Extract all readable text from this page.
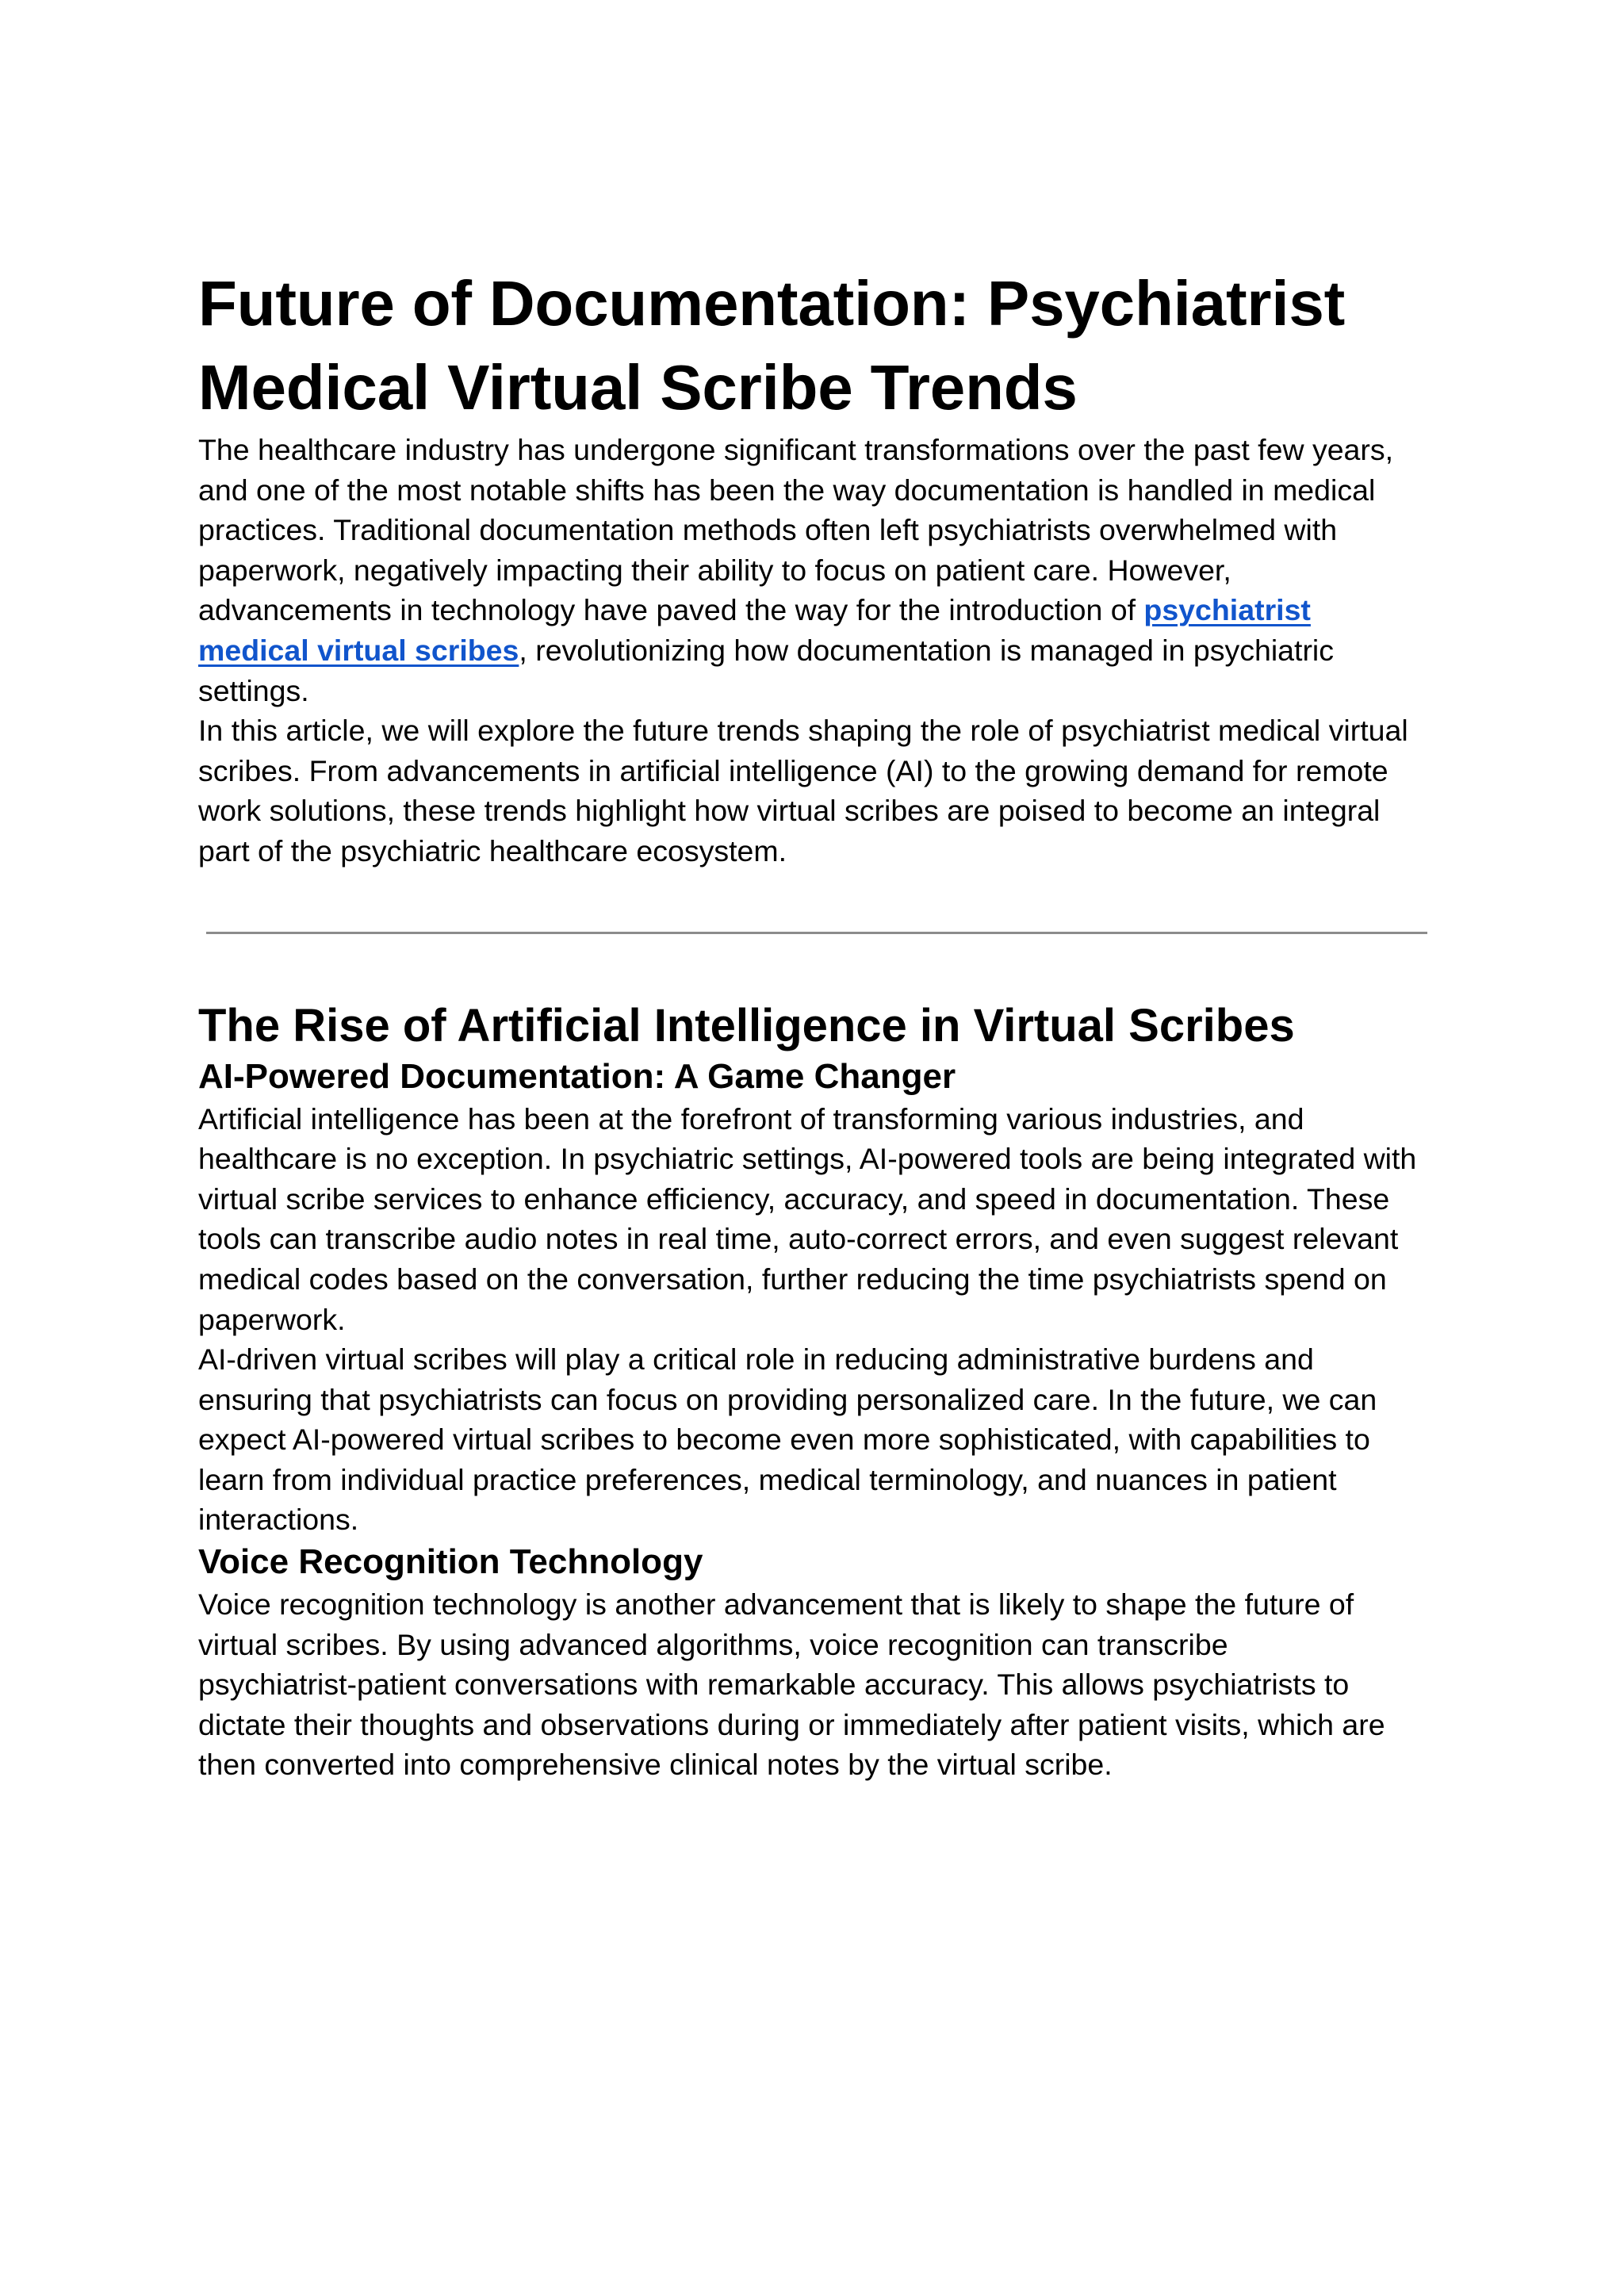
Future of Documentation: Psychiatrist
Medical Virtual Scribe Trends

The healthcare industry has undergone significant transformations over the past few years,
and one of the most notable shifts has been the way documentation is handled in medical
practices. Traditional documentation methods often left psychiatrists overwhelmed with
paperwork, negatively impacting their ability to focus on patient care. However,
advancements in technology have paved the way for the introduction of psychiatrist
medical virtual scribes, revolutionizing how documentation is managed in psychiatric
settings.

In this article, we will explore the future trends shaping the role of psychiatrist medical virtual
scribes. From advancements in artificial intelligence (AI) to the growing demand for remote
work solutions, these trends highlight how virtual scribes are poised to become an integral
part of the psychiatric healthcare ecosystem.

The Rise of Artificial Intelligence in Virtual Scribes
AI-Powered Documentation: A Game Changer

Artificial intelligence has been at the forefront of transforming various industries, and
healthcare is no exception. In psychiatric settings, AI-powered tools are being integrated with
virtual scribe services to enhance efficiency, accuracy, and speed in documentation. These
tools can transcribe audio notes in real time, auto-correct errors, and even suggest relevant
medical codes based on the conversation, further reducing the time psychiatrists spend on
paperwork.

AI-driven virtual scribes will play a critical role in reducing administrative burdens and
ensuring that psychiatrists can focus on providing personalized care. In the future, we can
expect AI-powered virtual scribes to become even more sophisticated, with capabilities to
learn from individual practice preferences, medical terminology, and nuances in patient
interactions.

Voice Recognition Technology

Voice recognition technology is another advancement that is likely to shape the future of
virtual scribes. By using advanced algorithms, voice recognition can transcribe
psychiatrist-patient conversations with remarkable accuracy. This allows psychiatrists to
dictate their thoughts and observations during or immediately after patient visits, which are
then converted into comprehensive clinical notes by the virtual scribe.
